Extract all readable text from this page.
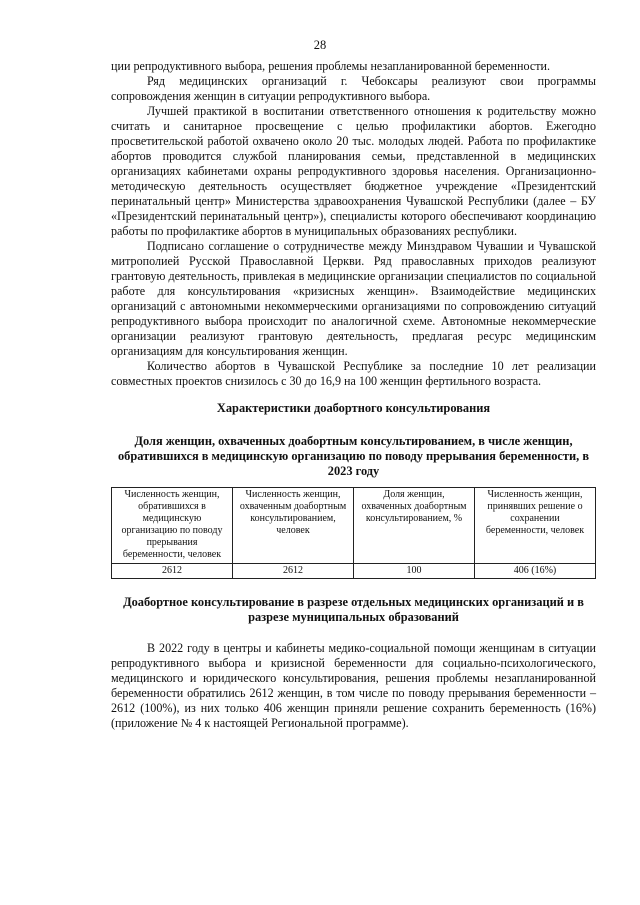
28

ции репродуктивного выбора, решения проблемы незапланированной беременности.

Ряд медицинских организаций г. Чебоксары реализуют свои программы сопровождения женщин в ситуации репродуктивного выбора.

Лучшей практикой в воспитании ответственного отношения к родительству можно считать и санитарное просвещение с целью профилактики абортов. Ежегодно просветительской работой охвачено около 20 тыс. молодых людей. Работа по профилактике абортов проводится службой планирования семьи, представленной в медицинских организациях кабинетами охраны репродуктивного здоровья населения. Организационно-методическую деятельность осуществляет бюджетное учреждение «Президентский перинатальный центр» Министерства здравоохранения Чувашской Республики (далее – БУ «Президентский перинатальный центр»), специалисты которого обеспечивают координацию работы по профилактике абортов в муниципальных образованиях республики.

Подписано соглашение о сотрудничестве между Минздравом Чувашии и Чувашской митрополией Русской Православной Церкви. Ряд православных приходов реализуют грантовую деятельность, привлекая в медицинские организации специалистов по социальной работе для консультирования «кризисных женщин». Взаимодействие медицинских организаций с автономными некоммерческими организациями по сопровождению ситуаций репродуктивного выбора происходит по аналогичной схеме. Автономные некоммерческие организации реализуют грантовую деятельность, предлагая ресурс медицинским организациям для консультирования женщин.

Количество абортов в Чувашской Республике за последние 10 лет реализации совместных проектов снизилось с 30 до 16,9 на 100 женщин фертильного возраста.

Характеристики доабортного консультирования
Доля женщин, охваченных доабортным консультированием, в числе женщин, обратившихся в медицинскую организацию по поводу прерывания беременности, в 2023 году
Численность женщин, обратившихся в медицинскую организацию по поводу прерывания беременности, человек	Численность женщин, охваченным доабортным консультированием, человек	Доля женщин, охваченных доабортным консультированием, %	Численность женщин, принявших решение о сохранении беременности, человек
2612	2612	100	406 (16%)
Доабортное консультирование в разрезе отдельных медицинских организаций и в разрезе муниципальных образований

В 2022 году в центры и кабинеты медико-социальной помощи женщинам в ситуации репродуктивного выбора и кризисной беременности для социально-психологического, медицинского и юридического консультирования, решения проблемы незапланированной беременности обратились 2612 женщин, в том числе по поводу прерывания беременности – 2612 (100%), из них только 406 женщин приняли решение сохранить беременность (16%) (приложение № 4 к настоящей Региональной программе).
